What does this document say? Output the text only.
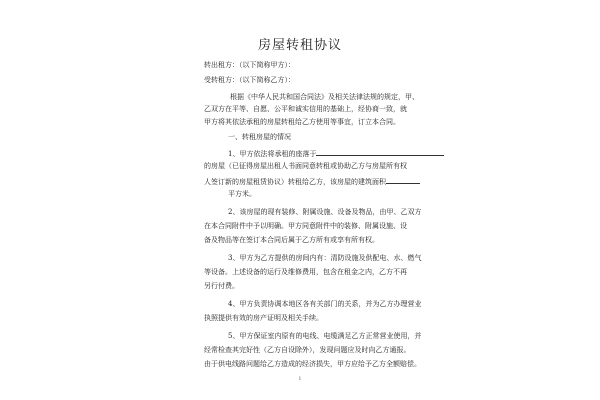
房屋转租协议
转出租方：（以下简称甲方）：
受转租方：（以下简称乙方）：
根据《中华人民共和国合同法》及相关法律法规的规定，甲、
乙双方在平等、自愿、公平和诚实信用的基础上，经协商一致，就
甲方将其依法承租的房屋转租给乙方使用等事宜，订立本合同。
一、转租房屋的情况
1、甲方依法将承租的座落于
的房屋（已征得房屋出租人书面同意转租或协助乙方与房屋所有权
人签订新的房屋租赁协议）转租给乙方，该房屋的建筑面积
平方米。
2、该房屋的现有装修、附属设施、设备及物品，由甲、乙双方
在本合同附件中予以明确。甲方同意附件中的装修、附属设施、设
备及物品等在签订本合同后属于乙方所有或享有所有权。
3、甲方为乙方提供的房间内有：清防设施及供配电、水、燃气
等设备。上述设备的运行及维修费用，包含在租金之内，乙方不再
另行付费。
4、甲方负责协调本地区各有关部门的关系，并为乙方办理营业
执照提供有效的房产证明及相关手续。
5、甲方保证室内原有的电线、电缆满足乙方正常营业使用，并
经常检查其完好性（乙方自设除外），发现问题应及时向乙方通报。
由于供电线路问题给乙方造成的经济损失，甲方应给予乙方全额赔偿。
1
